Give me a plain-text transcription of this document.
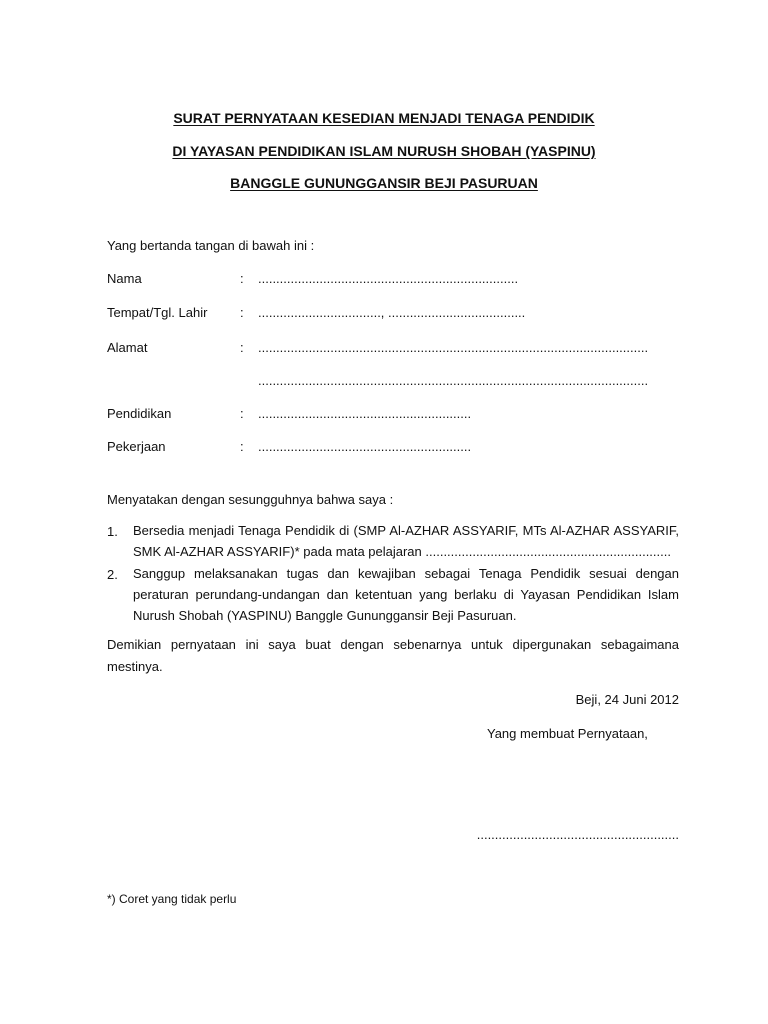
SURAT PERNYATAAN KESEDIAN MENJADI TENAGA PENDIDIK
DI YAYASAN PENDIDIKAN ISLAM NURUSH SHOBAH (YASPINU)
BANGGLE GUNUNGGANSIR BEJI PASURUAN
Yang bertanda tangan di bawah ini :
Nama	: ........................................................................
Tempat/Tgl. Lahir	: .................................., ......................................
Alamat	: ............................................................................................................
............................................................................................................
Pendidikan	: ...........................................................
Pekerjaan	: ...........................................................
Menyatakan dengan sesungguhnya bahwa saya :
1. Bersedia menjadi Tenaga Pendidik di (SMP Al-AZHAR ASSYARIF, MTs Al-AZHAR ASSYARIF, SMK Al-AZHAR ASSYARIF)* pada mata pelajaran ....................................................................
2. Sanggup melaksanakan tugas dan kewajiban sebagai Tenaga Pendidik sesuai dengan peraturan perundang-undangan dan ketentuan yang berlaku di Yayasan Pendidikan Islam Nurush Shobah (YASPINU) Banggle Gununggansir Beji Pasuruan.
Demikian pernyataan ini saya buat dengan sebenarnya untuk dipergunakan sebagaimana mestinya.
Beji, 24 Juni 2012
Yang membuat Pernyataan,
........................................................
*) Coret yang tidak perlu
